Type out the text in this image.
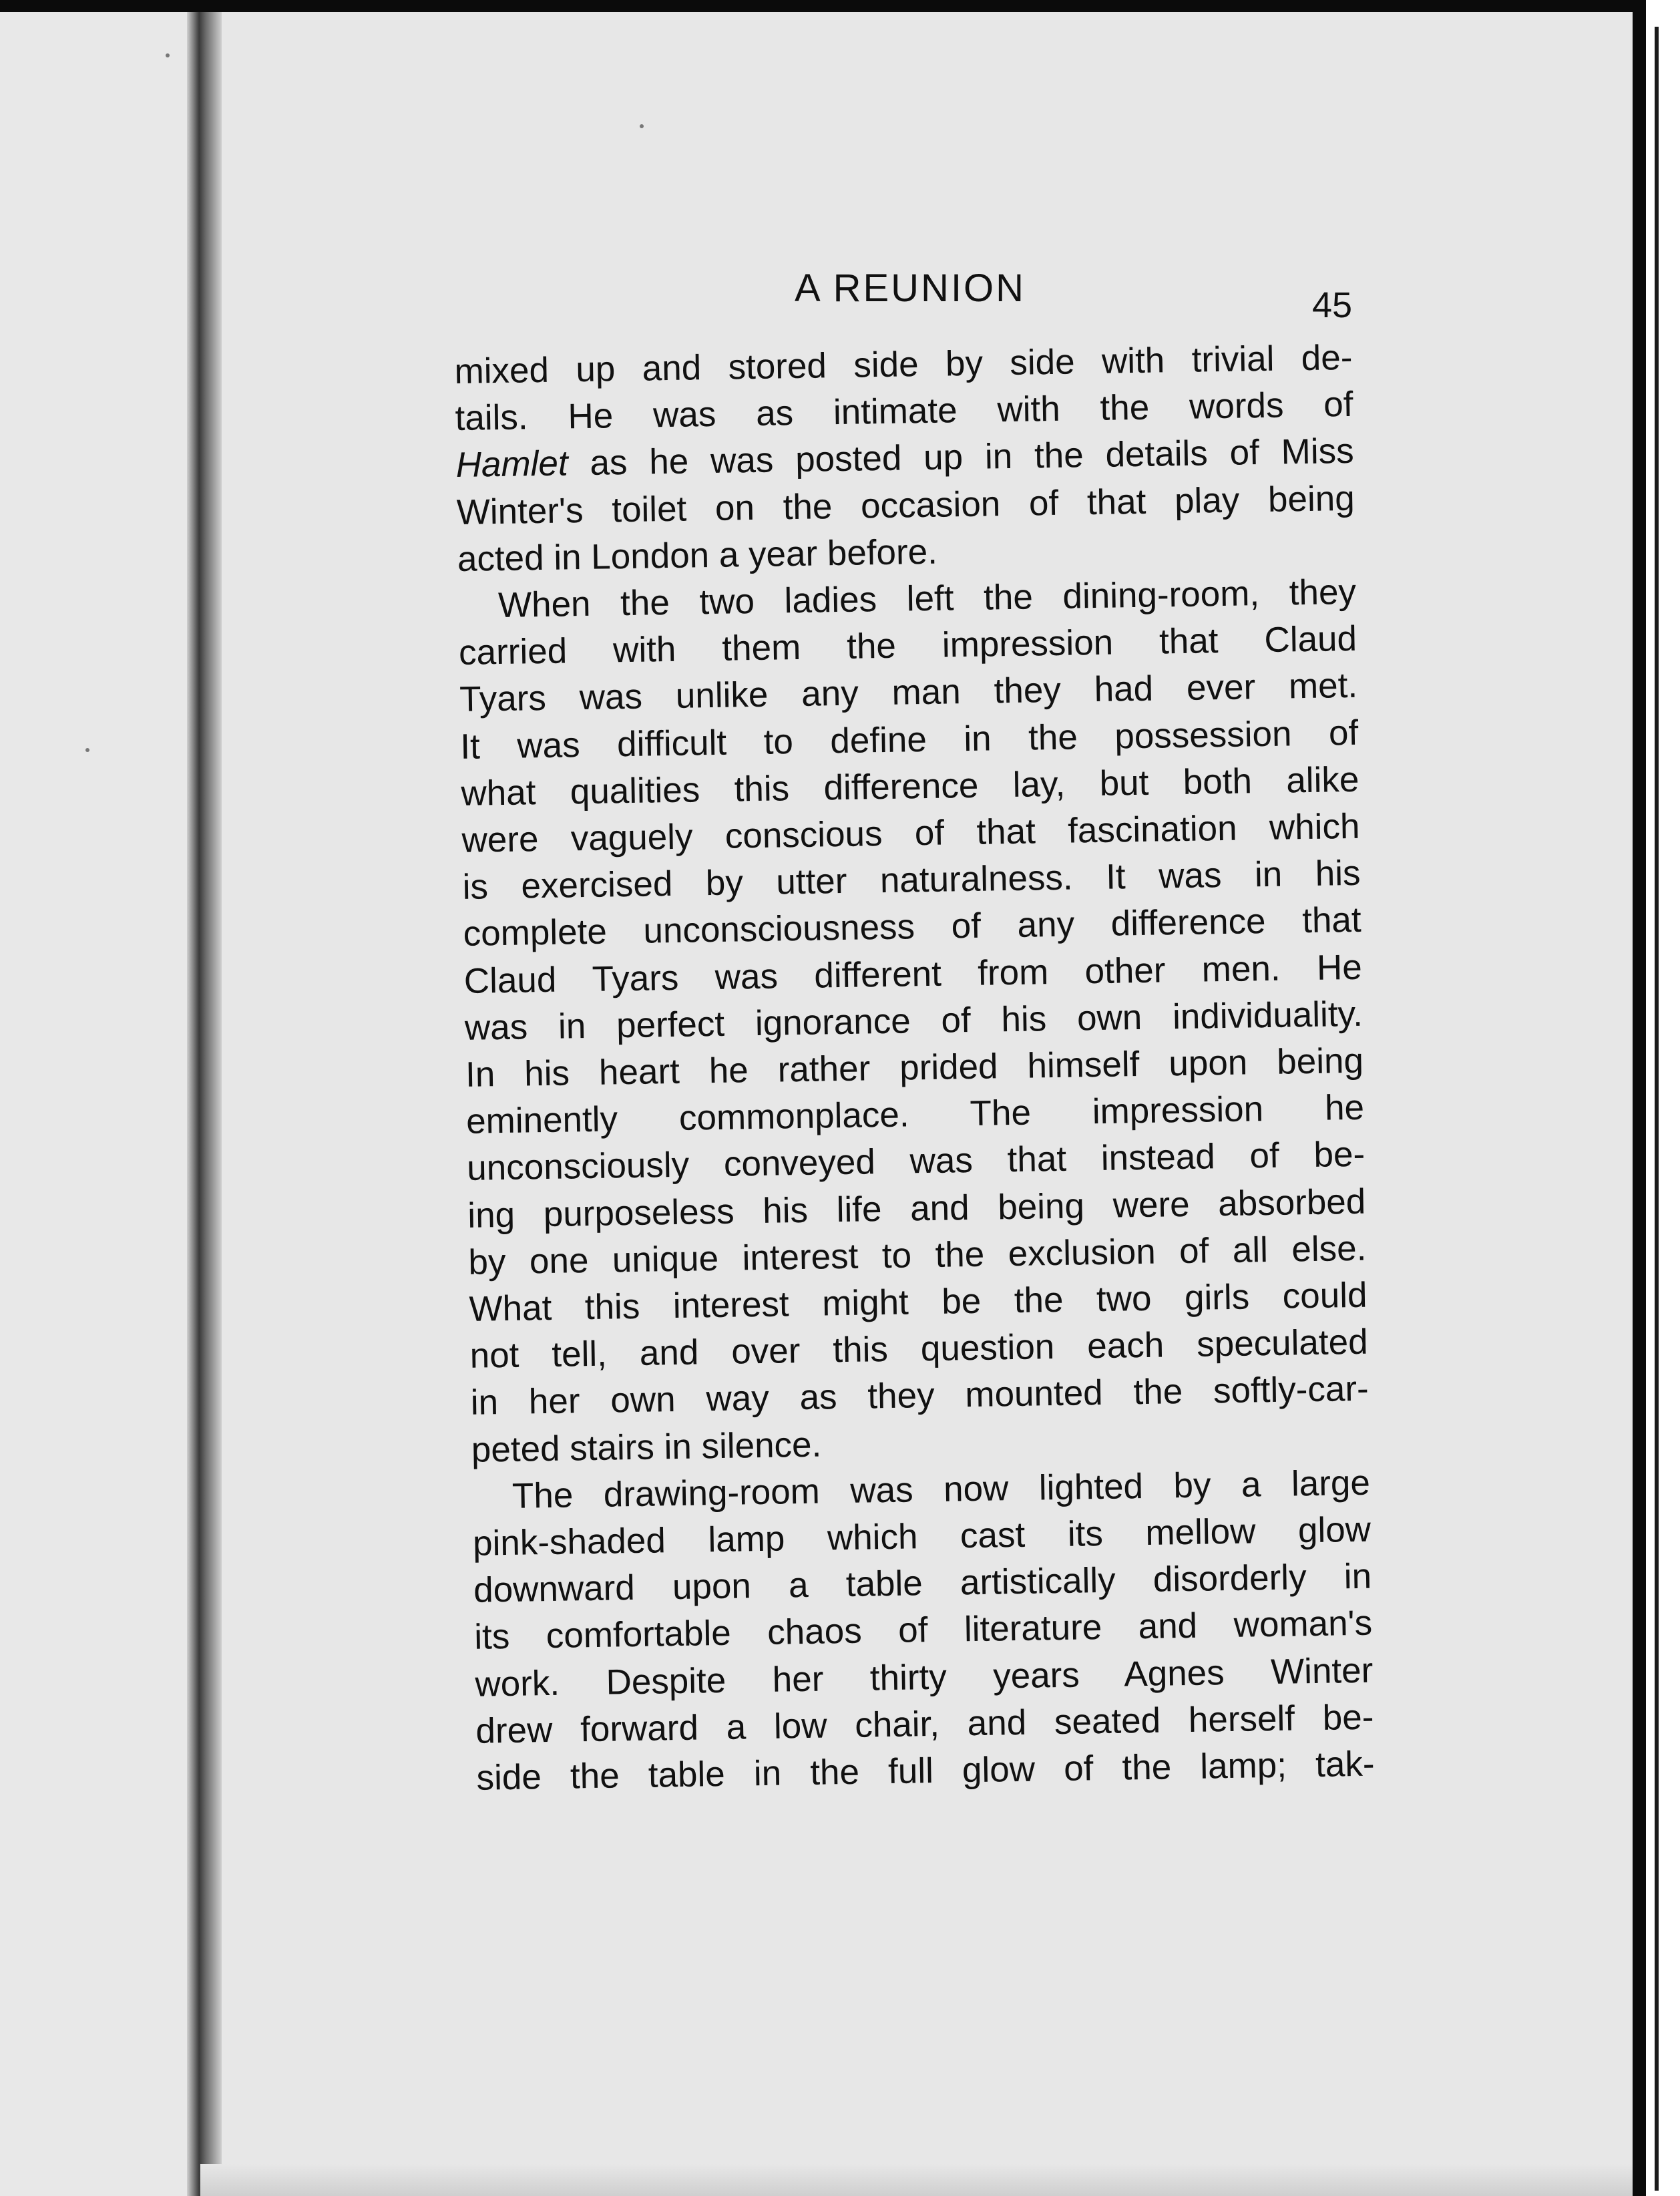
A REUNION	45

mixed up and stored side by side with trivial de-
tails. He was as intimate with the words of
Hamlet as he was posted up in the details of Miss
Winter's toilet on the occasion of that play being
acted in London a year before.

When the two ladies left the dining-room, they
carried with them the impression that Claud
Tyars was unlike any man they had ever met.
It was difficult to define in the possession of
what qualities this difference lay, but both alike
were vaguely conscious of that fascination which
is exercised by utter naturalness. It was in his
complete unconsciousness of any difference that
Claud Tyars was different from other men. He
was in perfect ignorance of his own individuality.
In his heart he rather prided himself upon being
eminently commonplace. The impression he
unconsciously conveyed was that instead of be-
ing purposeless his life and being were absorbed
by one unique interest to the exclusion of all else.
What this interest might be the two girls could
not tell, and over this question each speculated
in her own way as they mounted the softly-car-
peted stairs in silence.

The drawing-room was now lighted by a large
pink-shaded lamp which cast its mellow glow
downward upon a table artistically disorderly in
its comfortable chaos of literature and woman's
work. Despite her thirty years Agnes Winter
drew forward a low chair, and seated herself be-
side the table in the full glow of the lamp; tak-
